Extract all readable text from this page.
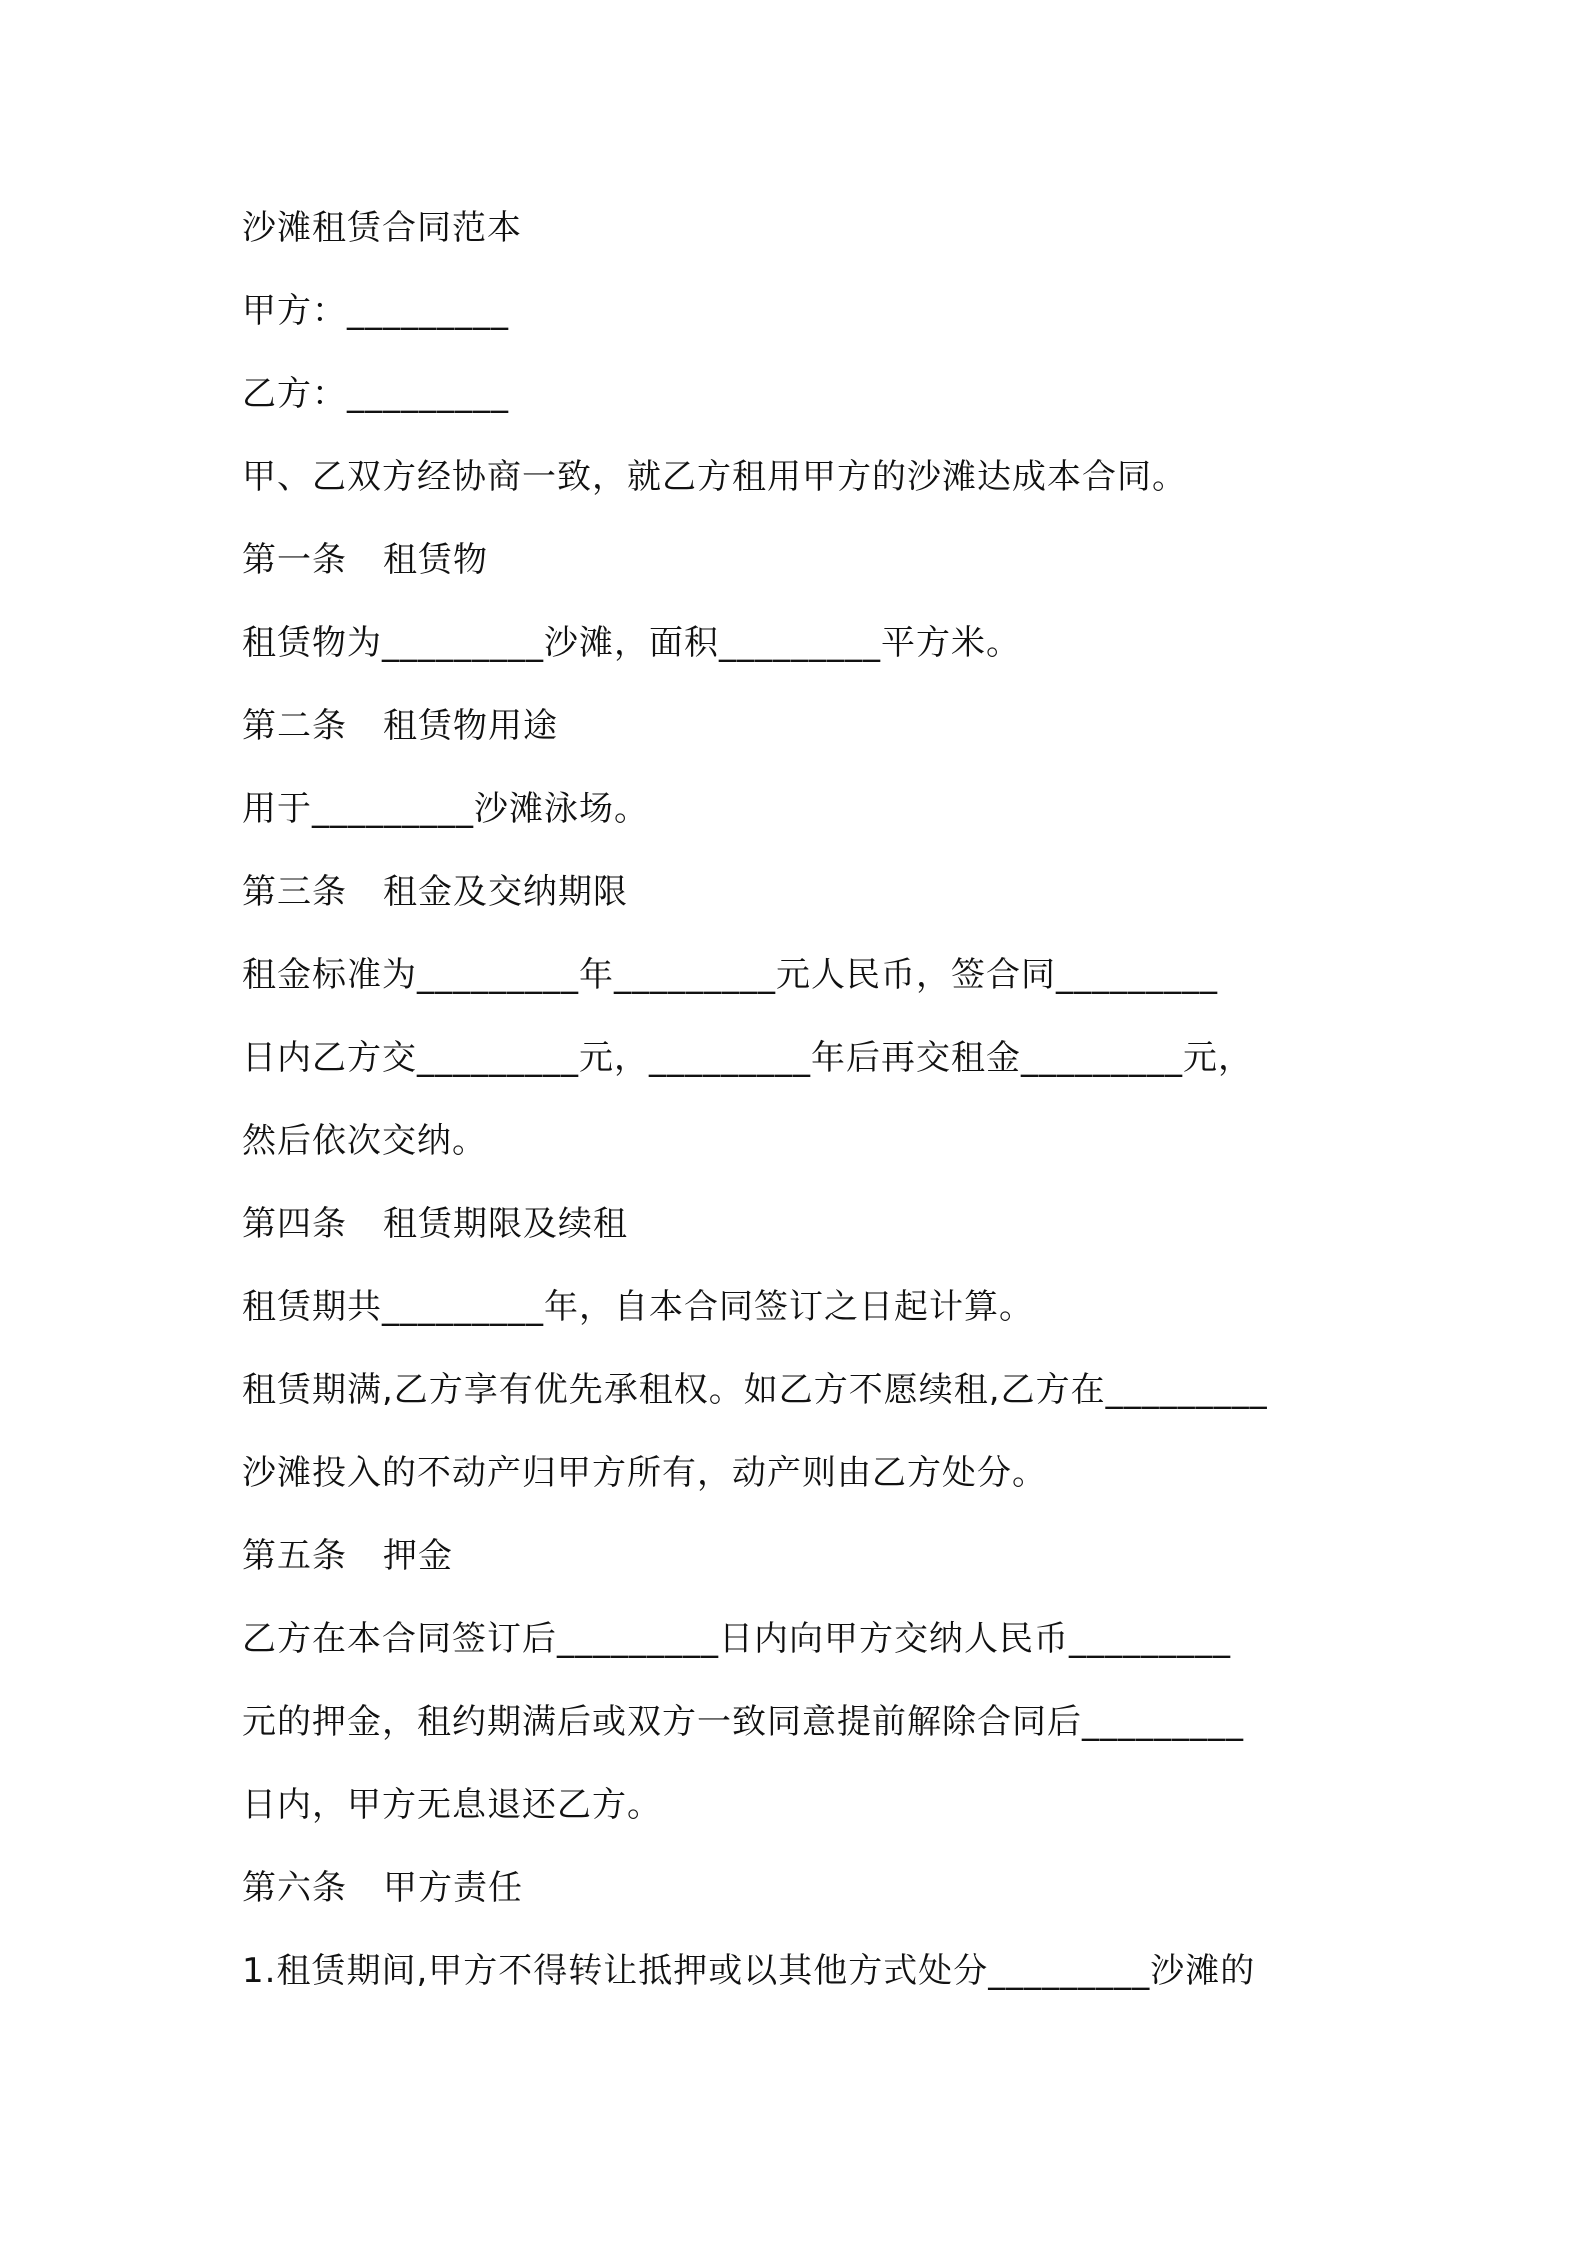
沙滩租赁合同范本
甲方：_________
乙方：_________
甲、乙双方经协商一致，就乙方租用甲方的沙滩达成本合同。
第一条 租赁物
租赁物为_________沙滩，面积_________平方米。
第二条 租赁物用途
用于_________沙滩泳场。
第三条 租金及交纳期限
租金标准为_________年_________元人民币，签合同_________
日内乙方交_________元，_________年后再交租金_________元，
然后依次交纳。
第四条 租赁期限及续租
租赁期共_________年，自本合同签订之日起计算。
租赁期满,乙方享有优先承租权。如乙方不愿续租,乙方在_________
沙滩投入的不动产归甲方所有，动产则由乙方处分。
第五条 押金
乙方在本合同签订后_________日内向甲方交纳人民币_________
元的押金，租约期满后或双方一致同意提前解除合同后_________
日内，甲方无息退还乙方。
第六条 甲方责任
1.租赁期间,甲方不得转让抵押或以其他方式处分_________沙滩的
